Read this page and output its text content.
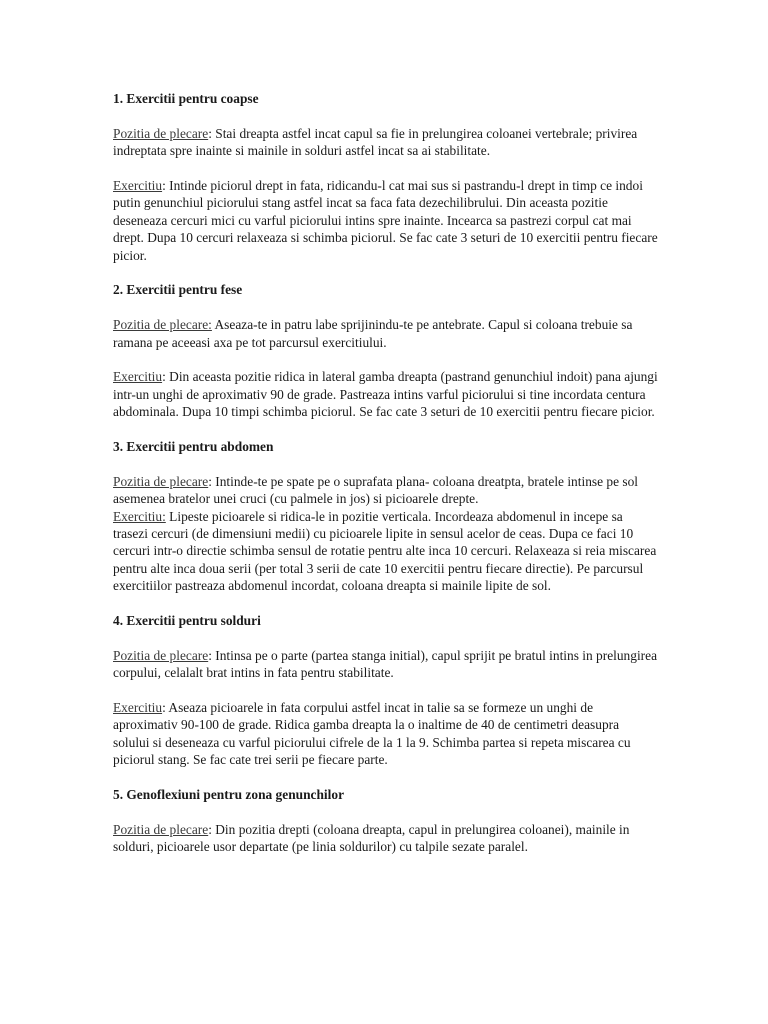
1. Exercitii pentru coapse

Pozitia de plecare: Stai dreapta astfel incat capul sa fie in prelungirea coloanei vertebrale; privirea indreptata spre inainte si mainile in solduri astfel incat sa ai stabilitate.

Exercitiu: Intinde piciorul drept in fata, ridicandu-l cat mai sus si pastrandu-l drept in timp ce indoi putin genunchiul piciorului stang astfel incat sa faca fata dezechilibrului. Din aceasta pozitie deseneaza cercuri mici cu varful piciorului intins spre inainte. Incearca sa pastrezi corpul cat mai drept. Dupa 10 cercuri relaxeaza si schimba piciorul. Se fac cate 3 seturi de 10 exercitii pentru fiecare picior.

2. Exercitii pentru fese

Pozitia de plecare: Aseaza-te in patru labe sprijinindu-te pe antebrate. Capul si coloana trebuie sa ramana pe aceeasi axa pe tot parcursul exercitiului.

Exercitiu: Din aceasta pozitie ridica in lateral gamba dreapta (pastrand genunchiul indoit) pana ajungi intr-un unghi de aproximativ 90 de grade. Pastreaza intins varful piciorului si tine incordata centura abdominala. Dupa 10 timpi schimba piciorul. Se fac cate 3 seturi de 10 exercitii pentru fiecare picior.

3. Exercitii pentru abdomen

Pozitia de plecare: Intinde-te pe spate pe o suprafata plana- coloana dreatpta, bratele intinse pe sol asemenea bratelor unei cruci (cu palmele in jos) si picioarele drepte.

Exercitiu: Lipeste picioarele si ridica-le in pozitie verticala. Incordeaza abdomenul in incepe sa trasezi cercuri (de dimensiuni medii) cu picioarele lipite in sensul acelor de ceas. Dupa ce faci 10 cercuri intr-o directie schimba sensul de rotatie pentru alte inca 10 cercuri. Relaxeaza si reia miscarea pentru alte inca doua serii (per total 3 serii de cate 10 exercitii pentru fiecare directie). Pe parcursul exercitiilor pastreaza abdomenul incordat, coloana dreapta si mainile lipite de sol.

4. Exercitii pentru solduri

Pozitia de plecare: Intinsa pe o parte (partea stanga initial), capul sprijit pe bratul intins in prelungirea corpului, celalalt brat intins in fata pentru stabilitate.

Exercitiu: Aseaza picioarele in fata corpului astfel incat in talie sa se formeze un unghi de aproximativ 90-100 de grade. Ridica gamba dreapta la o inaltime de 40 de centimetri deasupra solului si deseneaza cu varful piciorului cifrele de la 1 la 9. Schimba partea si repeta miscarea cu piciorul stang. Se fac cate trei serii pe fiecare parte.

5. Genoflexiuni pentru zona genunchilor

Pozitia de plecare: Din pozitia drepti (coloana dreapta, capul in prelungirea coloanei), mainile in solduri, picioarele usor departate (pe linia soldurilor) cu talpile sezate paralel.
